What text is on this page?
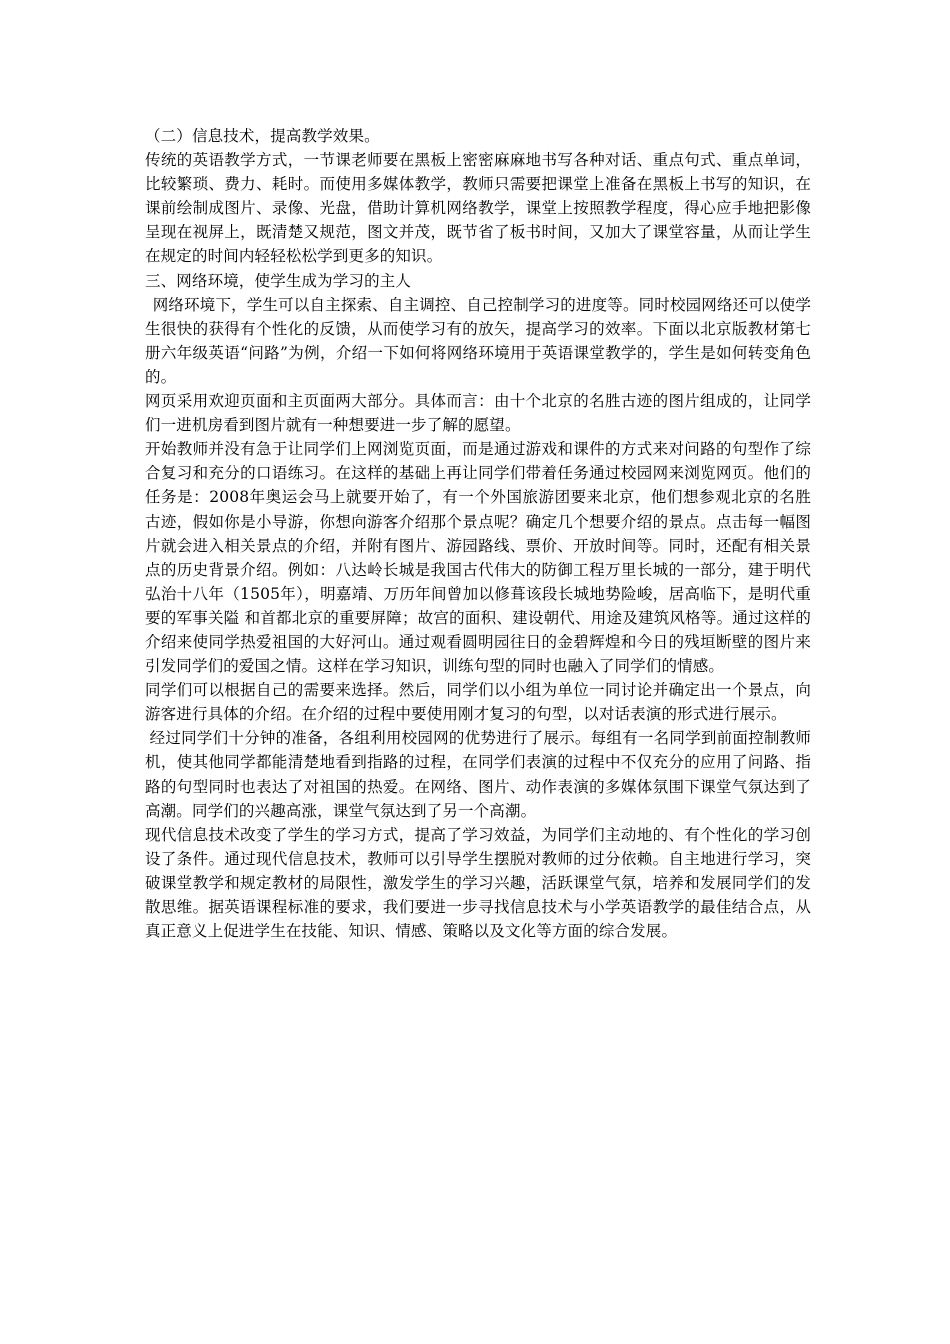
（二）信息技术，提高教学效果。

传统的英语教学方式，一节课老师要在黑板上密密麻麻地书写各种对话、重点句式、重点单词，比较繁琐、费力、耗时。而使用多媒体教学，教师只需要把课堂上准备在黑板上书写的知识，在课前绘制成图片、录像、光盘，借助计算机网络教学，课堂上按照教学程度，得心应手地把影像呈现在视屏上，既清楚又规范，图文并茂，既节省了板书时间，又加大了课堂容量，从而让学生在规定的时间内轻轻松松学到更多的知识。

三、网络环境，使学生成为学习的主人

网络环境下，学生可以自主探索、自主调控、自己控制学习的进度等。同时校园网络还可以使学生很快的获得有个性化的反馈，从而使学习有的放矢，提高学习的效率。下面以北京版教材第七册六年级英语“问路”为例，介绍一下如何将网络环境用于英语课堂教学的，学生是如何转变角色的。

网页采用欢迎页面和主页面两大部分。具体而言：由十个北京的名胜古迹的图片组成的，让同学们一进机房看到图片就有一种想要进一步了解的愿望。

开始教师并没有急于让同学们上网浏览页面，而是通过游戏和课件的方式来对问路的句型作了综合复习和充分的口语练习。在这样的基础上再让同学们带着任务通过校园网来浏览网页。他们的任务是：2008年奥运会马上就要开始了，有一个外国旅游团要来北京，他们想参观北京的名胜古迹，假如你是小导游，你想向游客介绍那个景点呢？确定几个想要介绍的景点。点击每一幅图片就会进入相关景点的介绍，并附有图片、游园路线、票价、开放时间等。同时，还配有相关景点的历史背景介绍。例如：八达岭长城是我国古代伟大的防御工程万里长城的一部分，建于明代弘治十八年（1505年），明嘉靖、万历年间曾加以修葺该段长城地势险峻，居高临下，是明代重要的军事关隘 和首都北京的重要屏障；故宫的面积、建设朝代、用途及建筑风格等。通过这样的介绍来使同学热爱祖国的大好河山。通过观看圆明园往日的金碧辉煌和今日的残垣断壁的图片来引发同学们的爱国之情。这样在学习知识，训练句型的同时也融入了同学们的情感。

同学们可以根据自己的需要来选择。然后，同学们以小组为单位一同讨论并确定出一个景点，向游客进行具体的介绍。在介绍的过程中要使用刚才复习的句型，以对话表演的形式进行展示。

经过同学们十分钟的准备，各组利用校园网的优势进行了展示。每组有一名同学到前面控制教师机，使其他同学都能清楚地看到指路的过程，在同学们表演的过程中不仅充分的应用了问路、指路的句型同时也表达了对祖国的热爱。在网络、图片、动作表演的多媒体氛围下课堂气氛达到了高潮。同学们的兴趣高涨，课堂气氛达到了另一个高潮。

现代信息技术改变了学生的学习方式，提高了学习效益，为同学们主动地的、有个性化的学习创设了条件。通过现代信息技术，教师可以引导学生摆脱对教师的过分依赖。自主地进行学习，突破课堂教学和规定教材的局限性，激发学生的学习兴趣，活跃课堂气氛，培养和发展同学们的发散思维。据英语课程标准的要求，我们要进一步寻找信息技术与小学英语教学的最佳结合点，从真正意义上促进学生在技能、知识、情感、策略以及文化等方面的综合发展。
